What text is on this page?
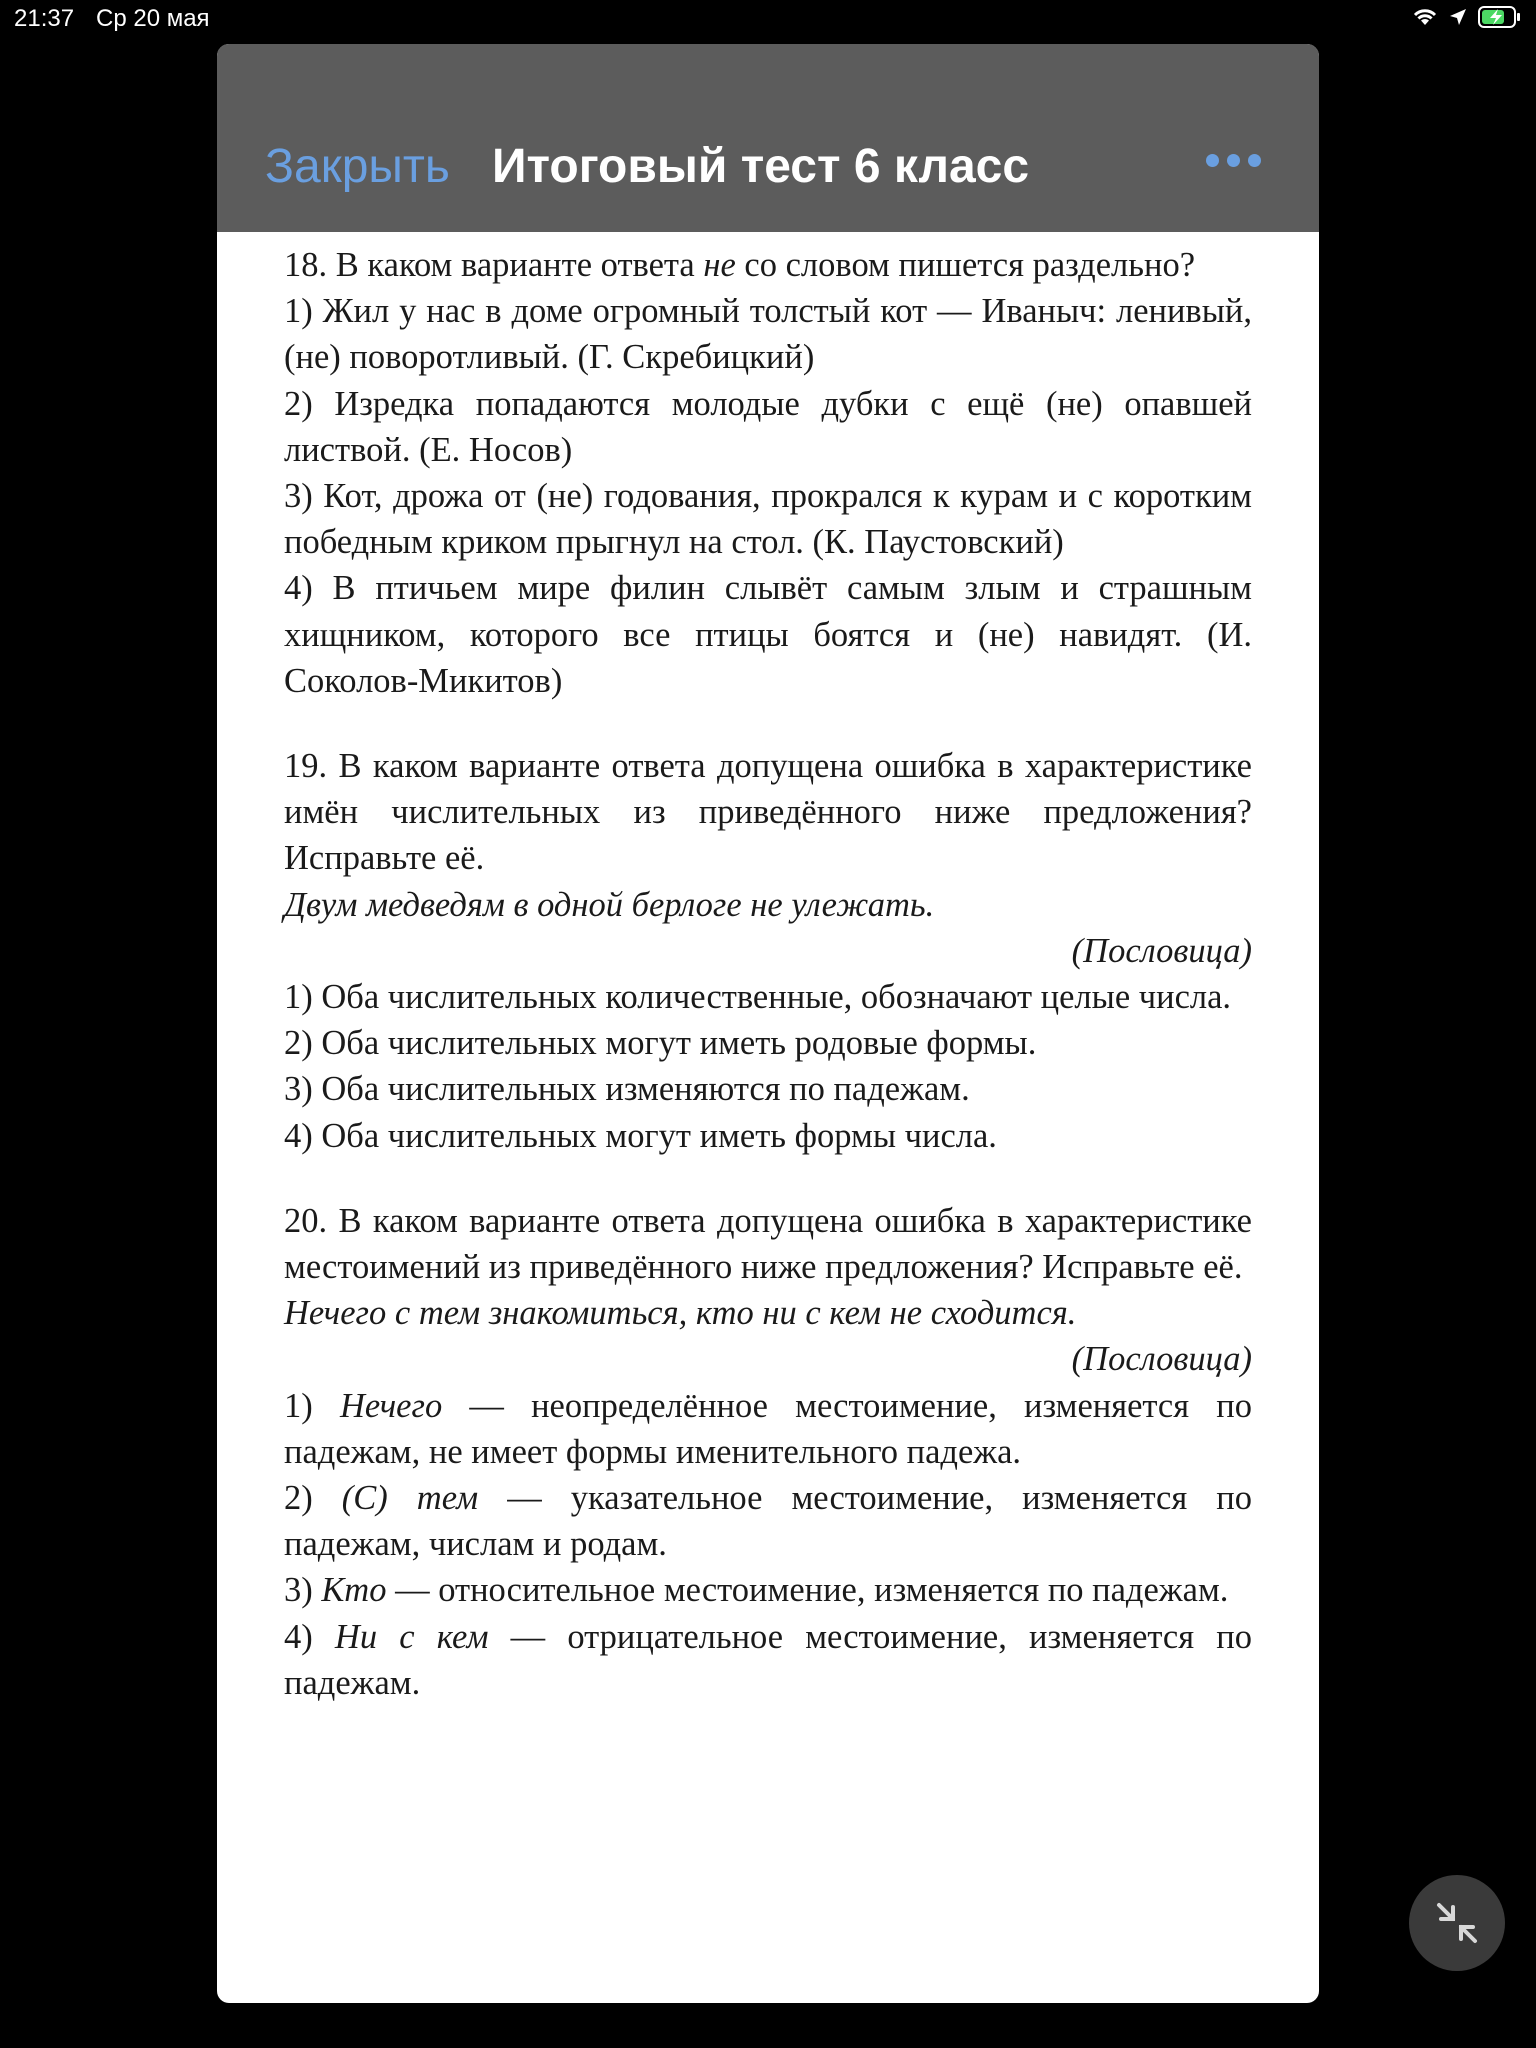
21:37 Ср 20 мая
Закрыть Итоговый тест 6 класс

18. В каком варианте ответа не со словом пишется раздельно?

1) Жил у нас в доме огромный толстый кот — Иваныч: ленивый, (не) поворотливый. (Г. Скребицкий)

2) Изредка попадаются молодые дубки с ещё (не) опавшей листвой. (Е. Носов)

3) Кот, дрожа от (не) годования, прокрался к курам и с коротким победным криком прыгнул на стол. (К. Паустовский)

4) В птичьем мире филин слывёт самым злым и страшным хищником, которого все птицы боятся и (не) навидят. (И. Соколов-Микитов)

19. В каком варианте ответа допущена ошибка в характеристике имён числительных из приведённого ниже предложения? Исправьте её.

Двум медведям в одной берлоге не улежать.

(Пословица)

1) Оба числительных количественные, обозначают целые числа.

2) Оба числительных могут иметь родовые формы.

3) Оба числительных изменяются по падежам.

4) Оба числительных могут иметь формы числа.

20. В каком варианте ответа допущена ошибка в характеристике местоимений из приведённого ниже предложения? Исправьте её.

Нечего с тем знакомиться, кто ни с кем не сходится.

(Пословица)

1) Нечего — неопределённое местоимение, изменяется по падежам, не имеет формы именительного падежа.

2) (С) тем — указательное местоимение, изменяется по падежам, числам и родам.

3) Кто — относительное местоимение, изменяется по падежам.

4) Ни с кем — отрицательное местоимение, изменяется по падежам.
